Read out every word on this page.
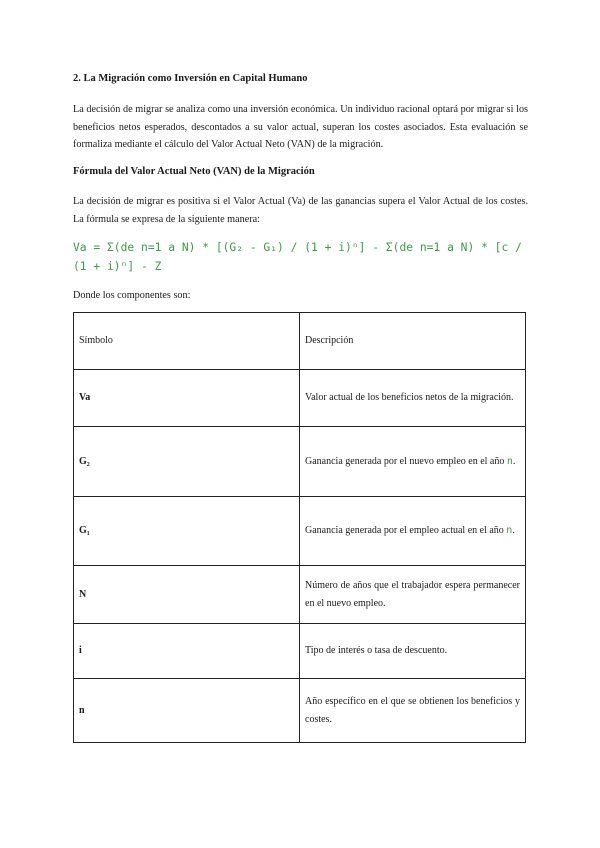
2. La Migración como Inversión en Capital Humano
La decisión de migrar se analiza como una inversión económica. Un individuo racional optará por migrar si los beneficios netos esperados, descontados a su valor actual, superan los costes asociados. Esta evaluación se formaliza mediante el cálculo del Valor Actual Neto (VAN) de la migración.
Fórmula del Valor Actual Neto (VAN) de la Migración
La decisión de migrar es positiva si el Valor Actual (Va) de las ganancias supera el Valor Actual de los costes. La fórmula se expresa de la siguiente manera:
Va = Σ(de n=1 a N) * [(G₂ - G₁) / (1 + i)ⁿ] - Σ(de n=1 a N) * [c / (1 + i)ⁿ] - Z
Donde los componentes son:
Símbolo	Descripción
Va	Valor actual de los beneficios netos de la migración.
G₂	Ganancia generada por el nuevo empleo en el año n.
G₁	Ganancia generada por el empleo actual en el año n.
N	Número de años que el trabajador espera permanecer en el nuevo empleo.
i	Tipo de interés o tasa de descuento.
n	Año específico en el que se obtienen los beneficios y costes.
